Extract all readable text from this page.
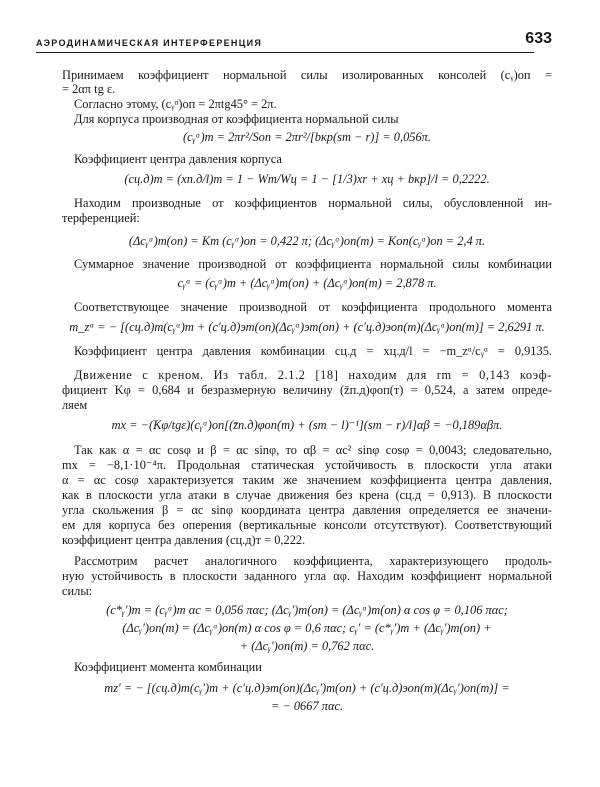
АЭРОДИНАМИЧЕСКАЯ ИНТЕРФЕРЕНЦИЯ	633
Принимаем коэффициент нормальной силы изолированных консолей (cᵧ)оп =
= 2απ tg ε.
Согласно этому, (cᵧᵅ)оп = 2πtg45° = 2π.
Для корпуса производная от коэффициента нормальной силы
(cᵧᵅ)т = 2πr²/Sоп = 2πr²/[bкр(sm − r)] = 0,056π.
Коэффициент центра давления корпуса
(cц.д)т = (xп.д/l)т = 1 − Wт/Wц = 1 − [1/3)xr + xц + bкр]/l = 0,2222.
Находим производные от коэффициентов нормальной силы, обусловленной ин-
терференцией:
(Δcᵧᵅ)т(оп) = Kт (cᵧᵅ)оп = 0,422 π; (Δcᵧᵅ)оп(т) = Kоп(cᵧᵅ)оп = 2,4 π.
Суммарное значение производной от коэффициента нормальной силы комбинации
cᵧᵅ = (cᵧᵅ)т + (Δcᵧᵅ)т(оп) + (Δcᵧᵅ)оп(т) = 2,878 π.
Соответствующее значение производной от коэффициента продольного момента
m_zᵅ = − [(cц.д)т(cᵧᵅ)т + (c′ц.д)эт(оп)(Δcᵧᵅ)эт(оп) + (c′ц.д)эоп(т)(Δcᵧᵅ)оп(т)] = 2,6291 π.
Коэффициент центра давления комбинации cц.д = xц.д/l = −m_zᵅ/cᵧᵅ = 0,9135.
Движение с креном. Из табл. 2.1.2 [18] находим для rm = 0,143 коэф-
фициент Kφ = 0,684 и безразмерную величину (z̄п.д)φоп(т) = 0,524, а затем опреде-
ляем
mx = −(Kφ/tgε)(cᵧᵅ)оп[(z̄п.д)φоп(т) + (sm − l)⁻¹](sm − r)/l]αβ = −0,189αβπ.
Так как α = αc cosφ и β = αc sinφ, то αβ = αc² sinφ cosφ = 0,0043; следовательно,
mx = −8,1·10⁻⁴π. Продольная статическая устойчивость в плоскости угла атаки
α = αc cosφ характеризуется таким же значением коэффициента центра давления,
как в плоскости угла атаки в случае движения без крена (cц.д = 0,913). В плоскости
угла скольжения β = αc sinφ координата центра давления определяется ее значени-
ем для корпуса без оперения (вертикальные консоли отсутствуют). Соответствующий
коэффициент центра давления (cц.д)т = 0,222.
Рассмотрим расчет аналогичного коэффициента, характеризующего продоль-
ную устойчивость в плоскости заданного угла αφ. Находим коэффициент нормальной
силы:
(c*ᵧ′)т = (cᵧᵅ)т αc = 0,056 παc; (Δcᵧ′)т(оп) = (Δcᵧᵅ)т(оп) α cos φ = 0,106 παc;
(Δcᵧ′)оп(т) = (Δcᵧᵅ)оп(т) α cos φ = 0,6 παc; cᵧ′ = (c*ᵧ′)т + (Δcᵧ′)т(оп) +
+ (Δcᵧ′)оп(т) = 0,762 παc.
Коэффициент момента комбинации
mz′ = − [(cц.д)т(cᵧ′)т + (c′ц.д)эт(оп)(Δcᵧ′)т(оп) + (c′ц.д)эоп(т)(Δcᵧ′)оп(т)] =
= − 0667 παc.
